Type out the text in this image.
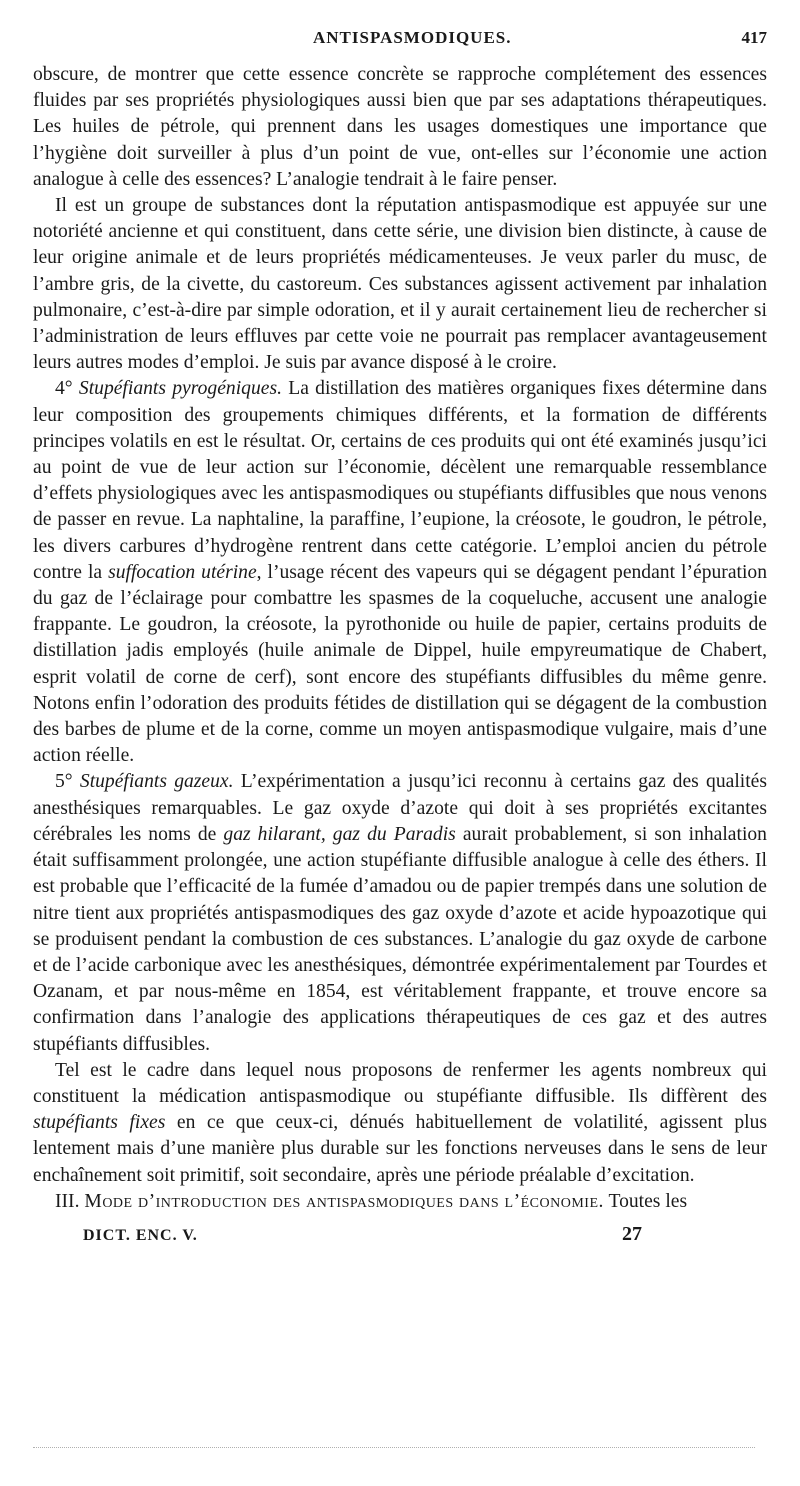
ANTISPASMODIQUES.	417

obscure, de montrer que cette essence concrète se rapproche complétement des essences fluides par ses propriétés physiologiques aussi bien que par ses adaptations thérapeutiques. Les huiles de pétrole, qui prennent dans les usages domestiques une importance que l’hygiène doit surveiller à plus d’un point de vue, ont-elles sur l’économie une action analogue à celle des essences? L’analogie tendrait à le faire penser.

Il est un groupe de substances dont la réputation antispasmodique est appuyée sur une notoriété ancienne et qui constituent, dans cette série, une division bien distincte, à cause de leur origine animale et de leurs propriétés médicamenteuses. Je veux parler du musc, de l’ambre gris, de la civette, du castoreum. Ces substances agissent activement par inhalation pulmonaire, c’est-à-dire par simple odoration, et il y aurait certainement lieu de rechercher si l’administration de leurs effluves par cette voie ne pourrait pas remplacer avantageusement leurs autres modes d’emploi. Je suis par avance disposé à le croire.

4° Stupéfiants pyrogéniques. La distillation des matières organiques fixes détermine dans leur composition des groupements chimiques différents, et la formation de différents principes volatils en est le résultat. Or, certains de ces produits qui ont été examinés jusqu’ici au point de vue de leur action sur l’économie, décèlent une remarquable ressemblance d’effets physiologiques avec les antispasmodiques ou stupéfiants diffusibles que nous venons de passer en revue. La naphtaline, la paraffine, l’eupione, la créosote, le goudron, le pétrole, les divers carbures d’hydrogène rentrent dans cette catégorie. L’emploi ancien du pétrole contre la suffocation utérine, l’usage récent des vapeurs qui se dégagent pendant l’épuration du gaz de l’éclairage pour combattre les spasmes de la coqueluche, accusent une analogie frappante. Le goudron, la créosote, la pyrothonide ou huile de papier, certains produits de distillation jadis employés (huile animale de Dippel, huile empyreumatique de Chabert, esprit volatil de corne de cerf), sont encore des stupéfiants diffusibles du même genre. Notons enfin l’odoration des produits fétides de distillation qui se dégagent de la combustion des barbes de plume et de la corne, comme un moyen antispasmodique vulgaire, mais d’une action réelle.

5° Stupéfiants gazeux. L’expérimentation a jusqu’ici reconnu à certains gaz des qualités anesthésiques remarquables. Le gaz oxyde d’azote qui doit à ses propriétés excitantes cérébrales les noms de gaz hilarant, gaz du Paradis aurait probablement, si son inhalation était suffisamment prolongée, une action stupéfiante diffusible analogue à celle des éthers. Il est probable que l’efficacité de la fumée d’amadou ou de papier trempés dans une solution de nitre tient aux propriétés antispasmodiques des gaz oxyde d’azote et acide hypoazotique qui se produisent pendant la combustion de ces substances. L’analogie du gaz oxyde de carbone et de l’acide carbonique avec les anesthésiques, démontrée expérimentalement par Tourdes et Ozanam, et par nous-même en 1854, est véritablement frappante, et trouve encore sa confirmation dans l’analogie des applications thérapeutiques de ces gaz et des autres stupéfiants diffusibles.

Tel est le cadre dans lequel nous proposons de renfermer les agents nombreux qui constituent la médication antispasmodique ou stupéfiante diffusible. Ils diffèrent des stupéfiants fixes en ce que ceux-ci, dénués habituellement de volatilité, agissent plus lentement mais d’une manière plus durable sur les fonctions nerveuses dans le sens de leur enchaînement soit primitif, soit secondaire, après une période préalable d’excitation.

III. Mode d’introduction des antispasmodiques dans l’économie. Toutes les

DICT. ENC. V.	27
